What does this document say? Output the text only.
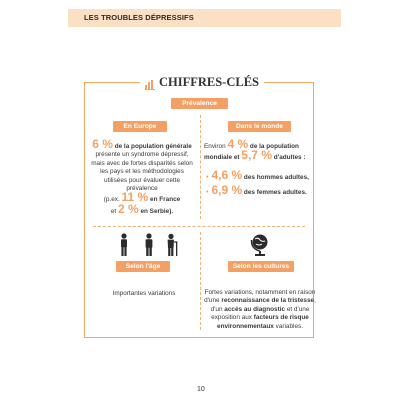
LES TROUBLES DÉPRESSIFS
CHIFFRES-CLÉS
Prévalence
En Europe	Dans le monde
6 % de la population générale présente un syndrome dépressif, mais avec de fortes disparités selon les pays et les méthodologies utilisées pour évaluer cette prévalence
(p.ex. 11 % en France
et 2 % en Serbie).
Environ 4 % de la population mondiale et 5,7 % d'adultes :
• 4,6 %
des hommes adultes,
• 6,9 %
des femmes adultes.
Selon l'âge	Selon les cultures
Importantes variations	Fortes variations, notamment en raison d'une reconnaissance de la tristesse, d'un accès au diagnostic et d'une exposition aux facteurs de risque environnementaux variables.
10
